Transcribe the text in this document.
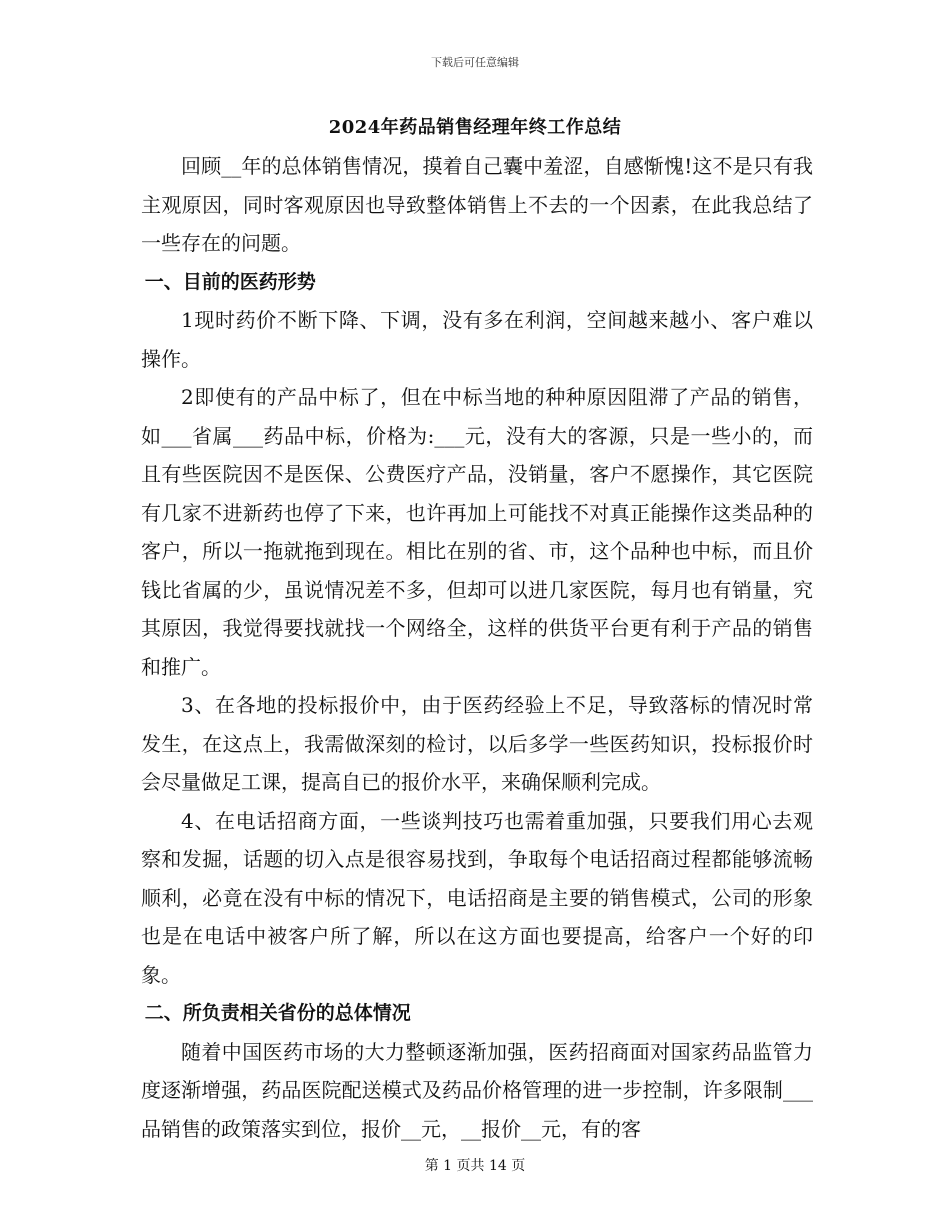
下载后可任意编辑
2024年药品销售经理年终工作总结

回顾__年的总体销售情况，摸着自己囊中羞涩，自感惭愧!这不是只有我主观原因，同时客观原因也导致整体销售上不去的一个因素，在此我总结了一些存在的问题。

一、目前的医药形势

1现时药价不断下降、下调，没有多在利润，空间越来越小、客户难以操作。

2即使有的产品中标了，但在中标当地的种种原因阻滞了产品的销售，如___省属___药品中标，价格为:___元，没有大的客源，只是一些小的，而且有些医院因不是医保、公费医疗产品，没销量，客户不愿操作，其它医院有几家不进新药也停了下来，也许再加上可能找不对真正能操作这类品种的客户，所以一拖就拖到现在。相比在别的省、市，这个品种也中标，而且价钱比省属的少，虽说情况差不多，但却可以进几家医院，每月也有销量，究其原因，我觉得要找就找一个网络全，这样的供货平台更有利于产品的销售和推广。

3、在各地的投标报价中，由于医药经验上不足，导致落标的情况时常发生，在这点上，我需做深刻的检讨，以后多学一些医药知识，投标报价时会尽量做足工课，提高自已的报价水平，来确保顺利完成。

4、在电话招商方面，一些谈判技巧也需着重加强，只要我们用心去观察和发掘，话题的切入点是很容易找到，争取每个电话招商过程都能够流畅顺利，必竟在没有中标的情况下，电话招商是主要的销售模式，公司的形象也是在电话中被客户所了解，所以在这方面也要提高，给客户一个好的印象。

二、所负责相关省份的总体情况

随着中国医药市场的大力整顿逐渐加强，医药招商面对国家药品监管力度逐渐增强，药品医院配送模式及药品价格管理的进一步控制，许多限制___品销售的政策落实到位，报价__元，__报价__元，有的客

第 1 页共 14 页
